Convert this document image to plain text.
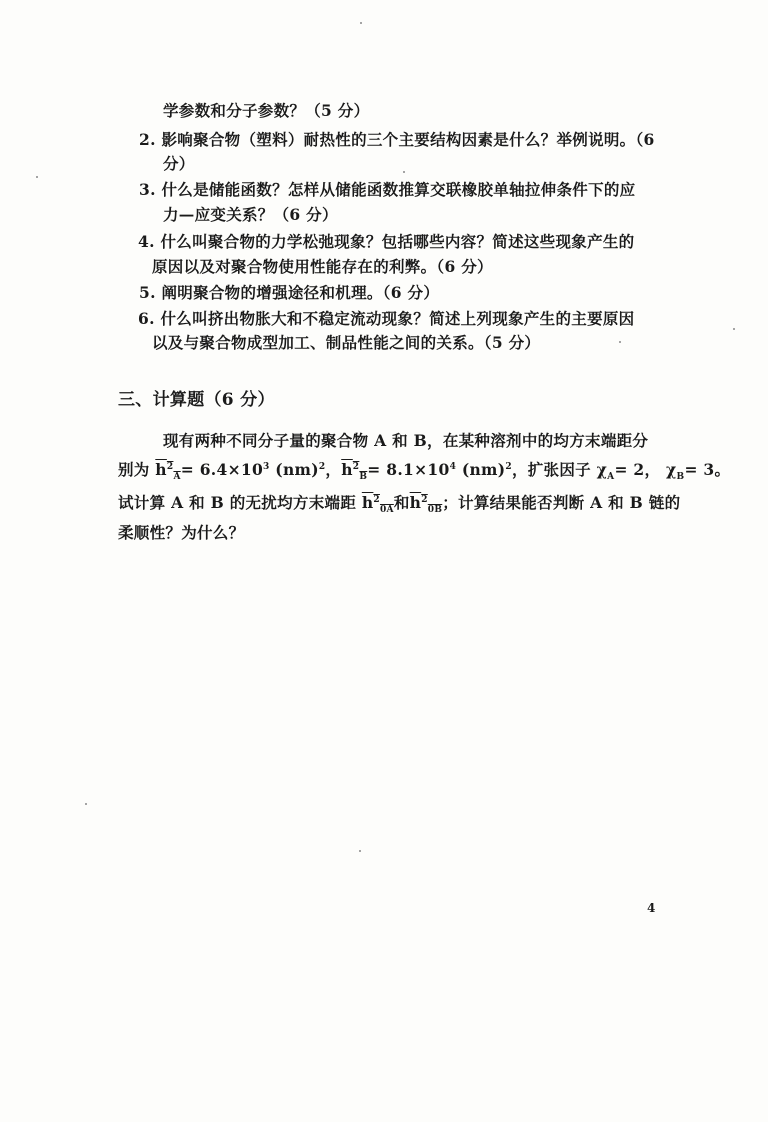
学参数和分子参数？（5 分）
2. 影响聚合物（塑料）耐热性的三个主要结构因素是什么？举例说明。（6
分）
3. 什么是储能函数？怎样从储能函数推算交联橡胶单轴拉伸条件下的应
力—应变关系？（6 分）
4. 什么叫聚合物的力学松弛现象？包括哪些内容？简述这些现象产生的
原因以及对聚合物使用性能存在的利弊。（6 分）
5. 阐明聚合物的增强途径和机理。（6 分）
6. 什么叫挤出物胀大和不稳定流动现象？简述上列现象产生的主要原因
以及与聚合物成型加工、制品性能之间的关系。（5 分）
三、计算题（6 分）
现有两种不同分子量的聚合物 A 和 B，在某种溶剂中的均方末端距分
别为 $h^2_A= 6.4\times 10^3$ (nm)$^2$，$h^2_B= 8.1\times 10^4$ (nm)$^2$，扩张因子 $\chi_A= 2$， $\chi_B= 3$。
试计算 A 和 B 的无扰均方末端距 $h^2_{0A}$和$h^2_{0B}$；计算结果能否判断 A 和 B 链的
柔顺性？为什么？
4
